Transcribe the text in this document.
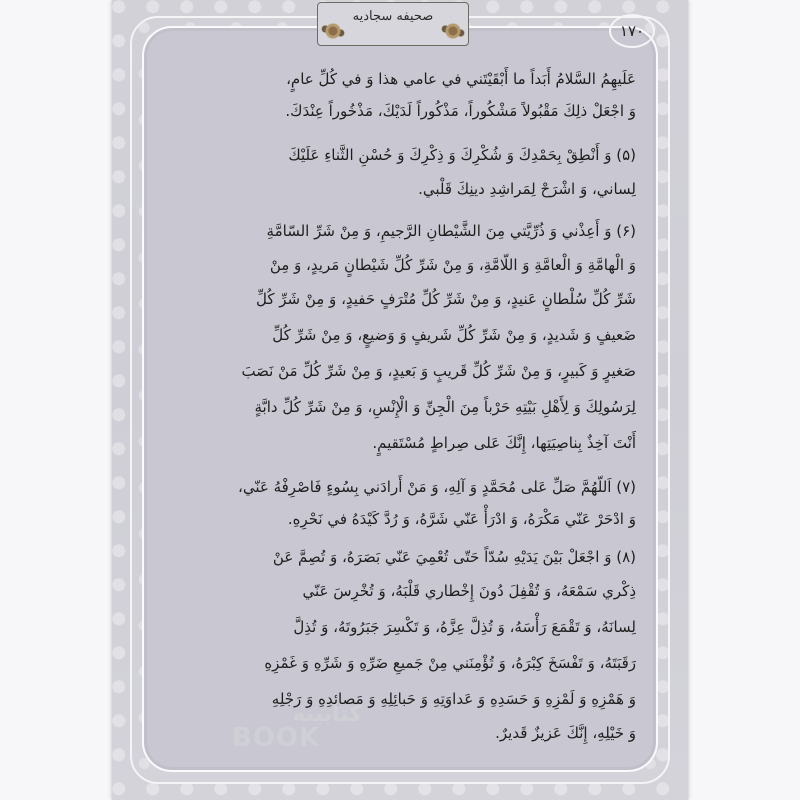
صحیفه سجادیه
۱۷۰
عَلَيهِمُ السَّلامُ أَبَداً ما أَبْقَيْتَني في عامي هذا وَ في كُلِّ عامٍ،
وَ اجْعَلْ ذلِكَ مَقْبُولاً مَشْكُوراً، مَذْكُوراً لَدَيْكَ، مَذْخُوراً عِنْدَكَ.
(۵) وَ أَنْطِقْ بِحَمْدِكَ وَ شُكْرِكَ وَ ذِكْرِكَ وَ حُسْنِ الثَّناءِ عَلَيْكَ
لِساني، وَ اشْرَحْ لِمَراشِدِ دينِكَ قَلْبي.
(۶) وَ أَعِذْني وَ ذُرِّيَّتي مِنَ الشَّيْطانِ الرَّجيمِ، وَ مِنْ شَرِّ السّامَّةِ
وَ الْهامَّةِ وَ الْعامَّةِ وَ اللّامَّةِ، وَ مِنْ شَرِّ كُلِّ شَيْطانٍ مَريدٍ، وَ مِنْ
شَرِّ كُلِّ سُلْطانٍ عَنيدٍ، وَ مِنْ شَرِّ كُلِّ مُتْرَفٍ حَفيدٍ، وَ مِنْ شَرِّ كُلِّ
ضَعيفٍ وَ شَديدٍ، وَ مِنْ شَرِّ كُلِّ شَريفٍ وَ وَضيعٍ، وَ مِنْ شَرِّ كُلِّ
صَغيرٍ وَ كَبيرٍ، وَ مِنْ شَرِّ كُلِّ قَريبٍ وَ بَعيدٍ، وَ مِنْ شَرِّ كُلِّ مَنْ نَصَبَ
لِرَسُولِكَ وَ لِأَهْلِ بَيْتِهِ حَرْباً مِنَ الْجِنِّ وَ الْإِنْسِ، وَ مِنْ شَرِّ كُلِّ دابَّةٍ
أَنْتَ آخِذٌ بِناصِيَتِها، إِنَّكَ عَلى صِراطٍ مُسْتَقيمٍ.
(۷) اَللّهُمَّ صَلِّ عَلى مُحَمَّدٍ وَ آلِهِ، وَ مَنْ أَرادَني بِسُوءٍ فَاصْرِفْهُ عَنّي،
وَ ادْحَرْ عَنّي مَكْرَهُ، وَ ادْرَأْ عَنّي شَرَّهُ، وَ رُدَّ كَيْدَهُ في نَحْرِهِ.
(۸) وَ اجْعَلْ بَيْنَ يَدَيْهِ سُدّاً حَتّى تُعْمِيَ عَنّي بَصَرَهُ، وَ تُصِمَّ عَنْ
ذِكْري سَمْعَهُ، وَ تُقْفِلَ دُونَ إِخْطاري قَلْبَهُ، وَ تُخْرِسَ عَنّي
لِسانَهُ، وَ تَقْمَعَ رَأْسَهُ، وَ تُذِلَّ عِزَّهُ، وَ تَكْسِرَ جَبَرُوتَهُ، وَ تُذِلَّ
رَقَبَتَهُ، وَ تَفْسَخَ كِبْرَهُ، وَ تُؤْمِنَني مِنْ جَميعِ ضَرِّهِ وَ شَرِّهِ وَ غَمْزِهِ
وَ هَمْزِهِ وَ لَمْزِهِ وَ حَسَدِهِ وَ عَداوَتِهِ وَ حَبائِلِهِ وَ مَصائِدِهِ وَ رَجْلِهِ
وَ خَيْلِهِ، إِنَّكَ عَزيزٌ قَديرٌ.
کتابینه
BOOK
